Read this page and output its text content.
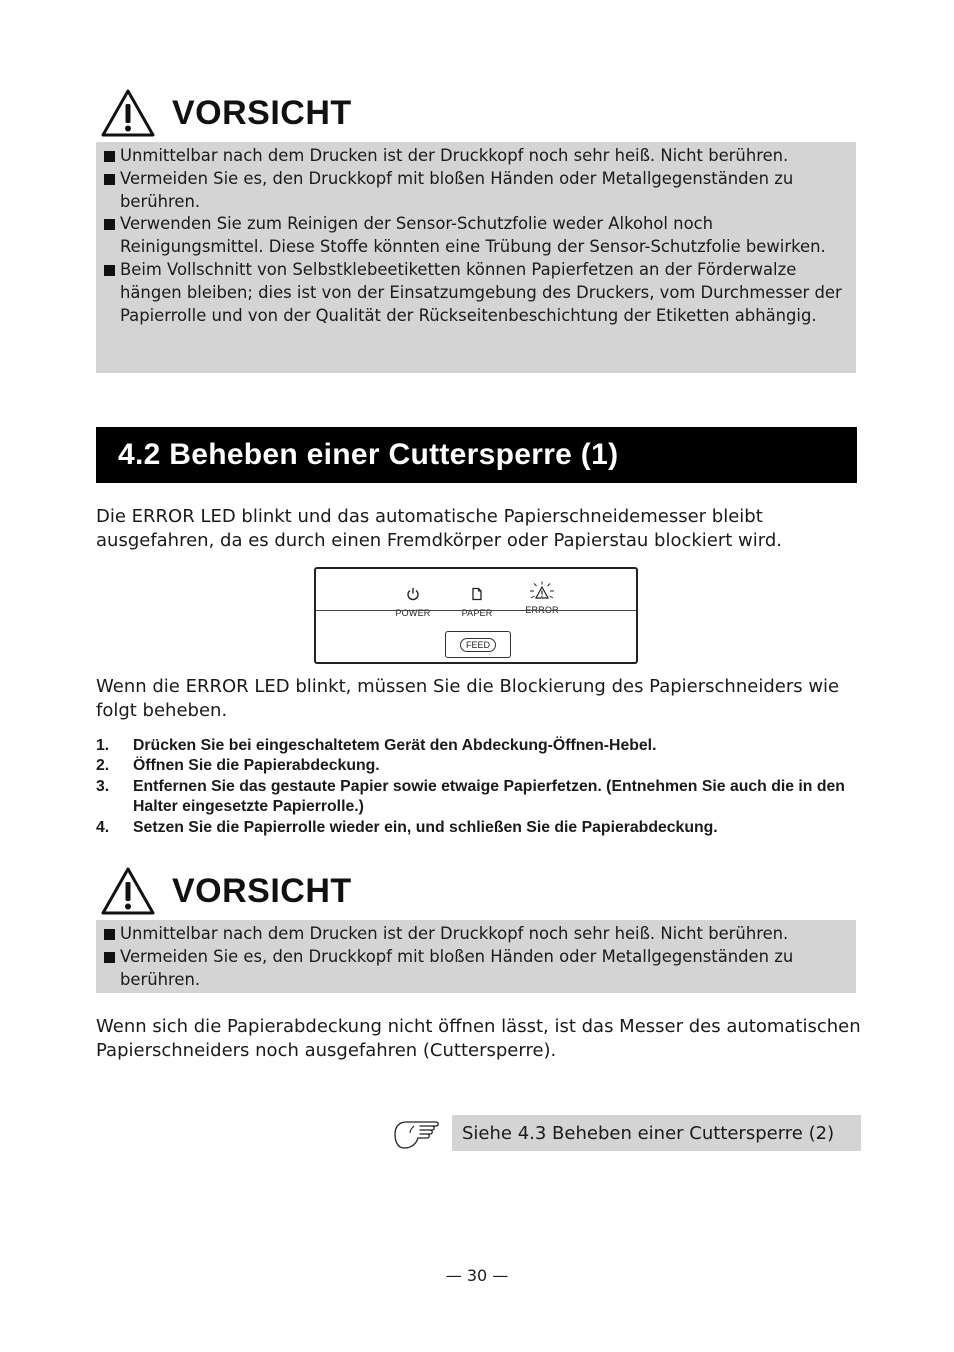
VORSICHT
Unmittelbar nach dem Drucken ist der Druckkopf noch sehr heiß. Nicht berühren.
Vermeiden Sie es, den Druckkopf mit bloßen Händen oder Metallgegenständen zu berühren.
Verwenden Sie zum Reinigen der Sensor-Schutzfolie weder Alkohol noch Reinigungsmittel. Diese Stoffe könnten eine Trübung der Sensor-Schutzfolie bewirken.
Beim Vollschnitt von Selbstklebeetiketten können Papierfetzen an der Förderwalze hängen bleiben; dies ist von der Einsatzumgebung des Druckers, vom Durchmesser der Papierrolle und von der Qualität der Rückseitenbeschichtung der Etiketten abhängig.
4.2 Beheben einer Cuttersperre (1)
Die ERROR LED blinkt und das automatische Papierschneidemesser bleibt ausgefahren, da es durch einen Fremdkörper oder Papierstau blockiert wird.
POWER	PAPER	ERROR
FEED
Wenn die ERROR LED blinkt, müssen Sie die Blockierung des Papierschneiders wie folgt beheben.
1. Drücken Sie bei eingeschaltetem Gerät den Abdeckung-Öffnen-Hebel.
2. Öffnen Sie die Papierabdeckung.
3. Entfernen Sie das gestaute Papier sowie etwaige Papierfetzen. (Entnehmen Sie auch die in den Halter eingesetzte Papierrolle.)
4. Setzen Sie die Papierrolle wieder ein, und schließen Sie die Papierabdeckung.
VORSICHT
Unmittelbar nach dem Drucken ist der Druckkopf noch sehr heiß. Nicht berühren.
Vermeiden Sie es, den Druckkopf mit bloßen Händen oder Metallgegenständen zu berühren.
Wenn sich die Papierabdeckung nicht öffnen lässt, ist das Messer des automatischen Papierschneiders noch ausgefahren (Cuttersperre).
Siehe 4.3 Beheben einer Cuttersperre (2)
— 30 —
